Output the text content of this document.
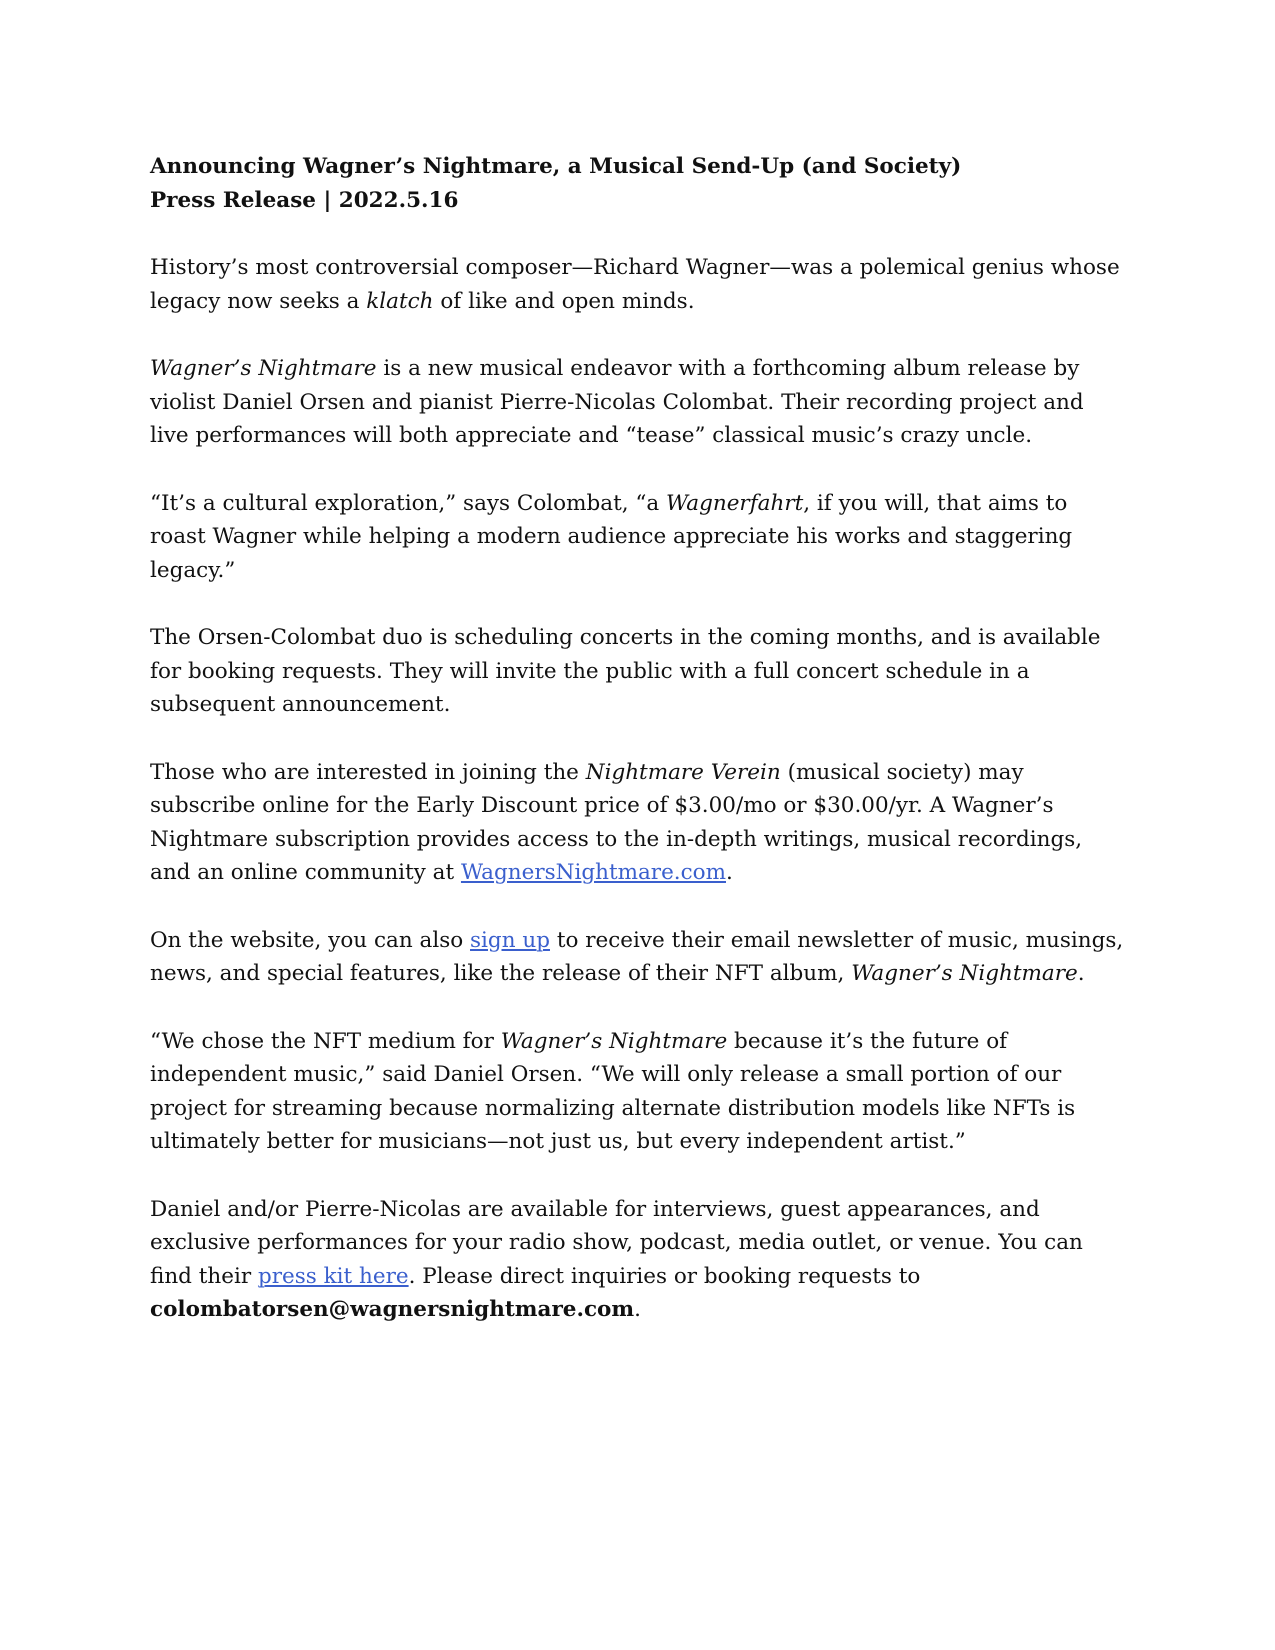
Announcing Wagner’s Nightmare, a Musical Send-Up (and Society)
Press Release | 2022.5.16

History’s most controversial composer—Richard Wagner—was a polemical genius whose legacy now seeks a klatch of like and open minds.

Wagner’s Nightmare is a new musical endeavor with a forthcoming album release by violist Daniel Orsen and pianist Pierre-Nicolas Colombat. Their recording project and live performances will both appreciate and “tease” classical music’s crazy uncle.

“It’s a cultural exploration,” says Colombat, “a Wagnerfahrt, if you will, that aims to roast Wagner while helping a modern audience appreciate his works and staggering legacy.”

The Orsen-Colombat duo is scheduling concerts in the coming months, and is available for booking requests. They will invite the public with a full concert schedule in a subsequent announcement.

Those who are interested in joining the Nightmare Verein (musical society) may subscribe online for the Early Discount price of $3.00/mo or $30.00/yr. A Wagner’s Nightmare subscription provides access to the in-depth writings, musical recordings, and an online community at WagnersNightmare.com.

On the website, you can also sign up to receive their email newsletter of music, musings, news, and special features, like the release of their NFT album, Wagner’s Nightmare.

“We chose the NFT medium for Wagner’s Nightmare because it’s the future of independent music,” said Daniel Orsen. “We will only release a small portion of our project for streaming because normalizing alternate distribution models like NFTs is ultimately better for musicians—not just us, but every independent artist.”

Daniel and/or Pierre-Nicolas are available for interviews, guest appearances, and exclusive performances for your radio show, podcast, media outlet, or venue. You can find their press kit here. Please direct inquiries or booking requests to colombatorsen@wagnersnightmare.com.
